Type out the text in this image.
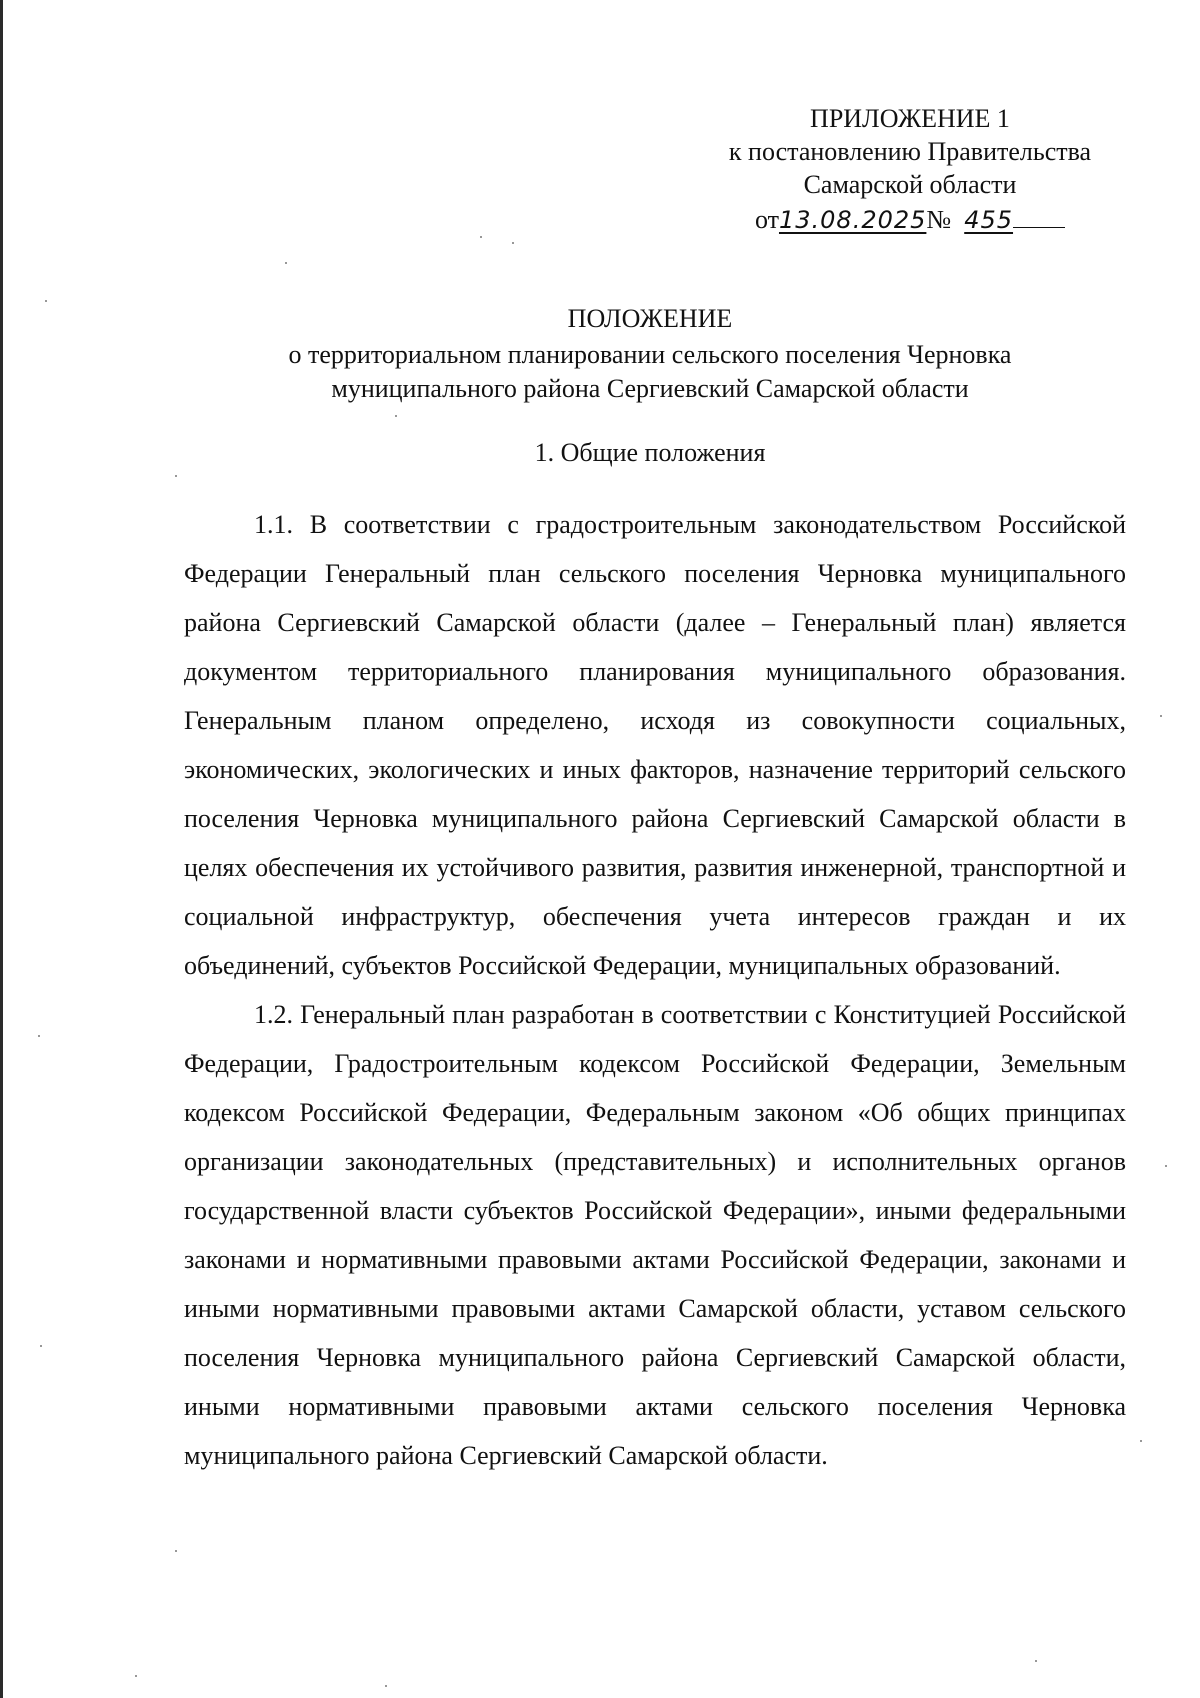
ПРИЛОЖЕНИЕ 1
к постановлению Правительства
Самарской области
от13.08.2025№ 455
ПОЛОЖЕНИЕ
о территориальном планировании сельского поселения Черновка
муниципального района Сергиевский Самарской области
1. Общие положения

1.1. В соответствии с градостроительным законодательством Российской Федерации Генеральный план сельского поселения Черновка муниципального района Сергиевский Самарской области (далее – Генеральный план) является документом территориального планирования муниципального образования. Генеральным планом определено, исходя из совокупности социальных, экономических, экологических и иных факторов, назначение территорий сельского поселения Черновка муниципального района Сергиевский Самарской области в целях обеспечения их устойчивого развития, развития инженерной, транспортной и социальной инфраструктур, обеспечения учета интересов граждан и их объединений, субъектов Российской Федерации, муниципальных образований.

1.2. Генеральный план разработан в соответствии с Конституцией Российской Федерации, Градостроительным кодексом Российской Федерации, Земельным кодексом Российской Федерации, Федеральным законом «Об общих принципах организации законодательных (представительных) и исполнительных органов государственной власти субъектов Российской Федерации», иными федеральными законами и нормативными правовыми актами Российской Федерации, законами и иными нормативными правовыми актами Самарской области, уставом сельского поселения Черновка муниципального района Сергиевский Самарской области, иными нормативными правовыми актами сельского поселения Черновка муниципального района Сергиевский Самарской области.
